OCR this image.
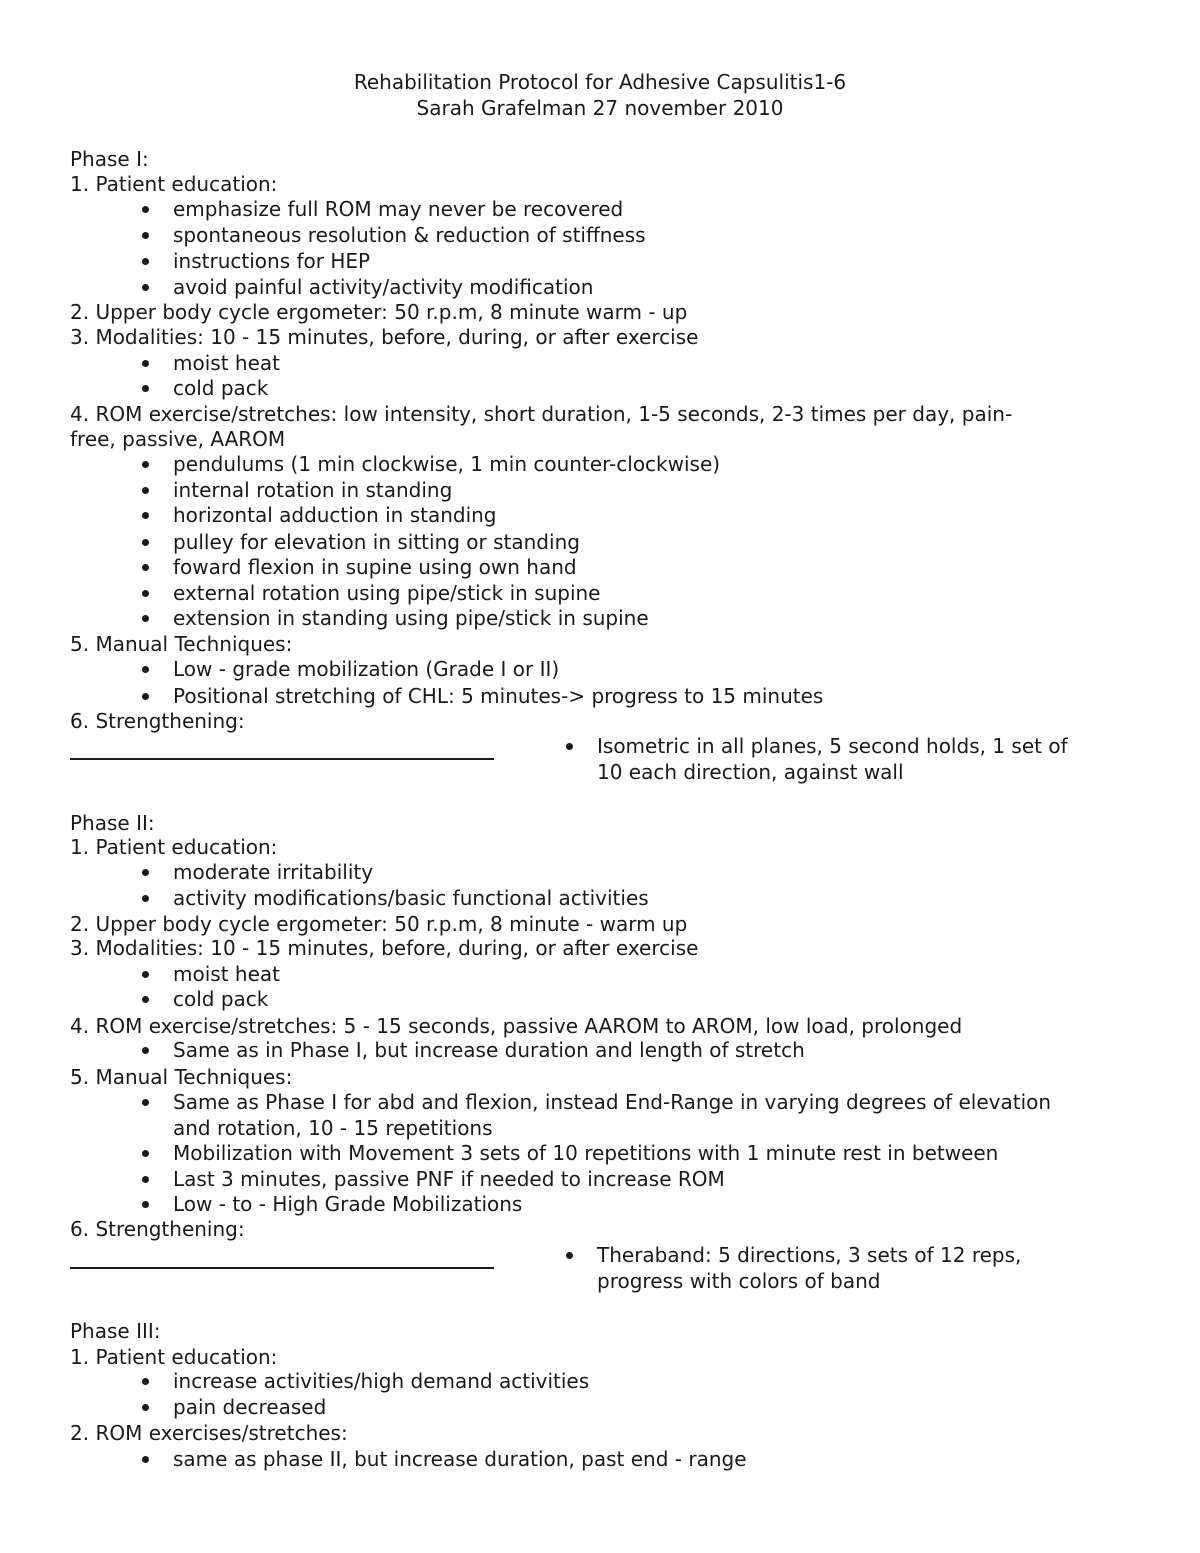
Rehabilitation Protocol for Adhesive Capsulitis1-6
Sarah Grafelman 27 november 2010
Phase I:
1. Patient education:
emphasize full ROM may never be recovered
spontaneous resolution & reduction of stiffness
instructions for HEP
avoid painful activity/activity modification
2. Upper body cycle ergometer: 50 r.p.m, 8 minute warm - up
3. Modalities: 10 - 15 minutes, before, during, or after exercise
moist heat
cold pack
4. ROM exercise/stretches: low intensity, short duration, 1-5 seconds, 2-3 times per day, pain-
free, passive, AAROM
pendulums (1 min clockwise, 1 min counter-clockwise)
internal rotation in standing
horizontal adduction in standing
pulley for elevation in sitting or standing
foward flexion in supine using own hand
external rotation using pipe/stick in supine
extension in standing using pipe/stick in supine
5. Manual Techniques:
Low - grade mobilization (Grade I or II)
Positional stretching of CHL: 5 minutes-> progress to 15 minutes
6. Strengthening:
Isometric in all planes, 5 second holds, 1 set of
10 each direction, against wall
Phase II:
1. Patient education:
moderate irritability
activity modifications/basic functional activities
2. Upper body cycle ergometer: 50 r.p.m, 8 minute - warm up
3. Modalities: 10 - 15 minutes, before, during, or after exercise
moist heat
cold pack
4. ROM exercise/stretches: 5 - 15 seconds, passive AAROM to AROM, low load, prolonged
Same as in Phase I, but increase duration and length of stretch
5. Manual Techniques:
Same as Phase I for abd and flexion, instead End-Range in varying degrees of elevation
and rotation, 10 - 15 repetitions
Mobilization with Movement 3 sets of 10 repetitions with 1 minute rest in between
Last 3 minutes, passive PNF if needed to increase ROM
Low - to - High Grade Mobilizations
6. Strengthening:
Theraband: 5 directions, 3 sets of 12 reps,
progress with colors of band
Phase III:
1. Patient education:
increase activities/high demand activities
pain decreased
2. ROM exercises/stretches:
same as phase II, but increase duration, past end - range
